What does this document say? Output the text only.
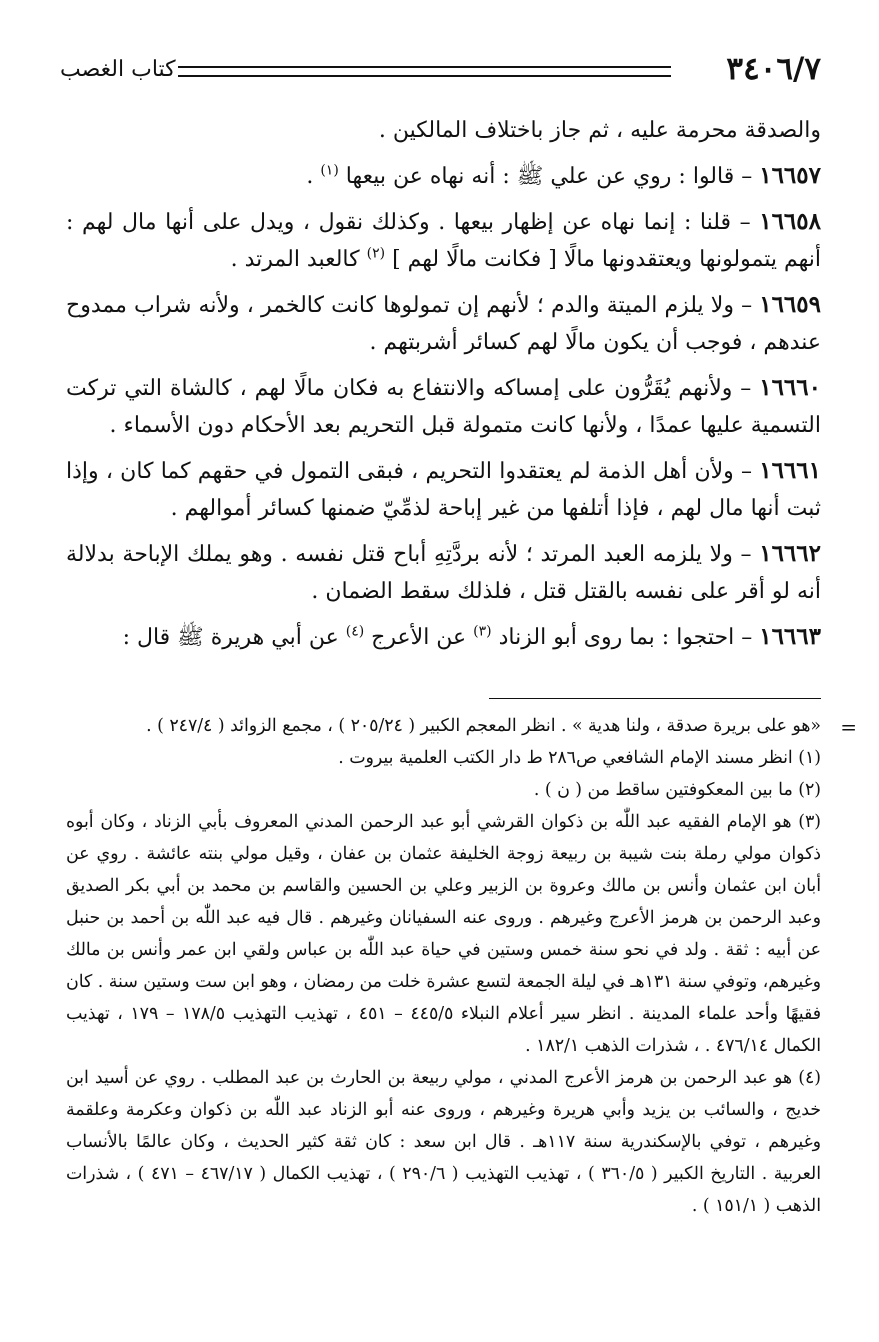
٣٤٠٦/٧
كتاب الغصب

والصدقة محرمة عليه ، ثم جاز باختلاف المالكين .

١٦٦٥٧ – قالوا : روي عن علي ﷺ : أنه نهاه عن بيعها $^{(١)}$ .

١٦٦٥٨ – قلنا : إنما نهاه عن إظهار بيعها . وكذلك نقول ، ويدل على أنها مال لهم : أنهم يتمولونها ويعتقدونها مالًا [ فكانت مالًا لهم ] $^{(٢)}$ كالعبد المرتد .

١٦٦٥٩ – ولا يلزم الميتة والدم ؛ لأنهم إن تمولوها كانت كالخمر ، ولأنه شراب ممدوح عندهم ، فوجب أن يكون مالًا لهم كسائر أشربتهم .

١٦٦٦٠ – ولأنهم يُقَرُّون على إمساكه والانتفاع به فكان مالًا لهم ، كالشاة التي تركت التسمية عليها عمدًا ، ولأنها كانت متمولة قبل التحريم بعد الأحكام دون الأسماء .

١٦٦٦١ – ولأن أهل الذمة لم يعتقدوا التحريم ، فبقى التمول في حقهم كما كان ، وإذا ثبت أنها مال لهم ، فإذا أتلفها من غير إباحة لذمِّيّ ضمنها كسائر أموالهم .

١٦٦٦٢ – ولا يلزمه العبد المرتد ؛ لأنه بردَّتِهِ أباح قتل نفسه . وهو يملك الإباحة بدلالة أنه لو أقر على نفسه بالقتل قتل ، فلذلك سقط الضمان .

١٦٦٦٣ – احتجوا : بما روى أبو الزناد $^{(٣)}$ عن الأعرج $^{(٤)}$ عن أبي هريرة ﷺ قال :

=

«هو على بريرة صدقة ، ولنا هدية » . انظر المعجم الكبير ( ٢٠٥/٢٤ ) ، مجمع الزوائد ( ٢٤٧/٤ ) .

(١) انظر مسند الإمام الشافعي ص٢٨٦ ط دار الكتب العلمية بيروت .

(٢) ما بين المعكوفتين ساقط من ( ن ) .

(٣) هو الإمام الفقيه عبد اللّٰه بن ذكوان القرشي أبو عبد الرحمن المدني المعروف بأبي الزناد ، وكان أبوه ذكوان مولي رملة بنت شيبة بن ربيعة زوجة الخليفة عثمان بن عفان ، وقيل مولي بنته عائشة . روي عن أبان ابن عثمان وأنس بن مالك وعروة بن الزبير وعلي بن الحسين والقاسم بن محمد بن أبي بكر الصديق وعبد الرحمن بن هرمز الأعرج وغيرهم . وروى عنه السفيانان وغيرهم . قال فيه عبد اللّٰه بن أحمد بن حنبل عن أبيه : ثقة . ولد في نحو سنة خمس وستين في حياة عبد اللّٰه بن عباس ولقي ابن عمر وأنس بن مالك وغيرهم، وتوفي سنة ١٣١هـ في ليلة الجمعة لتسع عشرة خلت من رمضان ، وهو ابن ست وستين سنة . كان فقيهًا وأحد علماء المدينة . انظر سير أعلام النبلاء ٤٤٥/٥ – ٤٥١ ، تهذيب التهذيب ١٧٨/٥ – ١٧٩ ، تهذيب الكمال ٤٧٦/١٤ . ، شذرات الذهب ١٨٢/١ .

(٤) هو عبد الرحمن بن هرمز الأعرج المدني ، مولي ربيعة بن الحارث بن عبد المطلب . روي عن أسيد ابن خديج ، والسائب بن يزيد وأبي هريرة وغيرهم ، وروى عنه أبو الزناد عبد اللّٰه بن ذكوان وعكرمة وعلقمة وغيرهم ، توفي بالإسكندرية سنة ١١٧هـ . قال ابن سعد : كان ثقة كثير الحديث ، وكان عالمًا بالأنساب العربية . التاريخ الكبير ( ٣٦٠/٥ ) ، تهذيب التهذيب ( ٢٩٠/٦ ) ، تهذيب الكمال ( ٤٦٧/١٧ – ٤٧١ ) ، شذرات الذهب ( ١٥١/١ ) .
